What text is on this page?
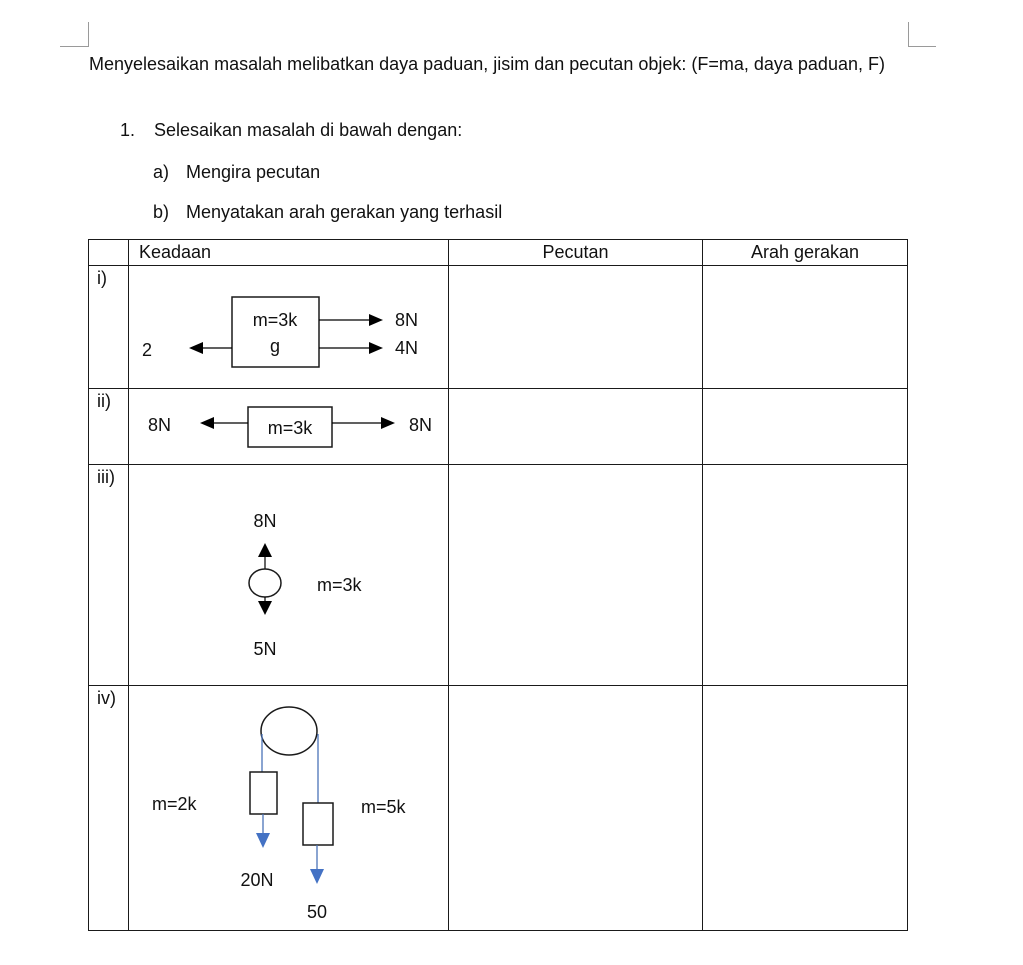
Menyelesaikan masalah melibatkan daya paduan, jisim dan pecutan objek: (F=ma, daya paduan, F)

1. Selesaikan masalah di bawah dengan:
a) Mengira pecutan
b) Menyatakan arah gerakan yang terhasil
	Keadaan	Pecutan	Arah gerakan

i)	m=3k
g
8N
4N
2		

ii)	m=3k
8N 8N		

iii)	8N
m=3k
5N		

iv)	m=2k m=5k
20N
50		
